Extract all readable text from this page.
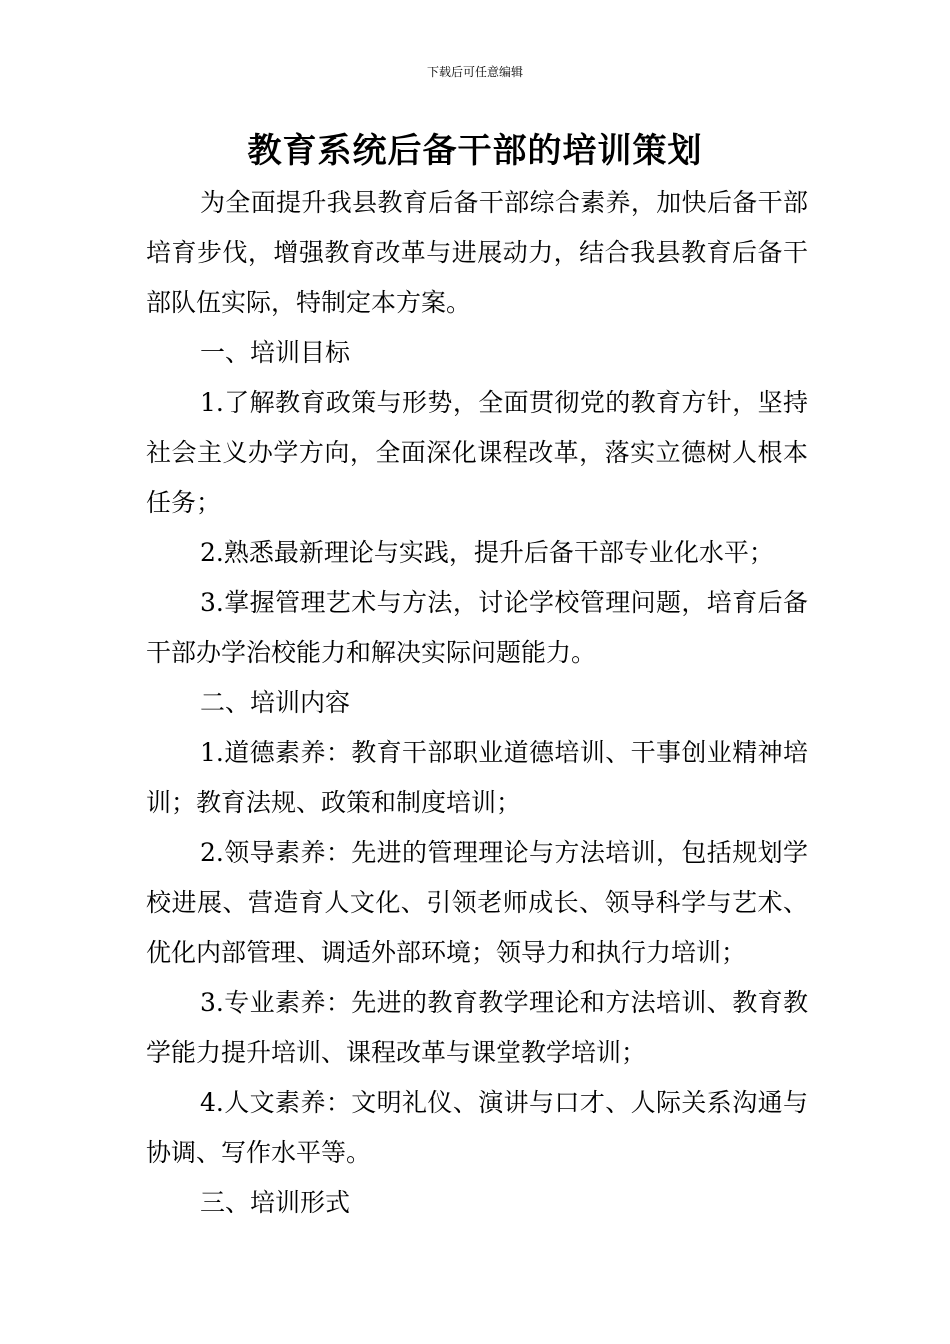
下载后可任意编辑
教育系统后备干部的培训策划

为全面提升我县教育后备干部综合素养，加快后备干部培育步伐，增强教育改革与进展动力，结合我县教育后备干部队伍实际，特制定本方案。

一、培训目标

1.了解教育政策与形势，全面贯彻党的教育方针，坚持社会主义办学方向，全面深化课程改革，落实立德树人根本任务；

2.熟悉最新理论与实践，提升后备干部专业化水平；

3.掌握管理艺术与方法，讨论学校管理问题，培育后备干部办学治校能力和解决实际问题能力。

二、培训内容

1.道德素养：教育干部职业道德培训、干事创业精神培训；教育法规、政策和制度培训；

2.领导素养：先进的管理理论与方法培训，包括规划学校进展、营造育人文化、引领老师成长、领导科学与艺术、优化内部管理、调适外部环境；领导力和执行力培训；

3.专业素养：先进的教育教学理论和方法培训、教育教学能力提升培训、课程改革与课堂教学培训；

4.人文素养：文明礼仪、演讲与口才、人际关系沟通与协调、写作水平等。

三、培训形式
